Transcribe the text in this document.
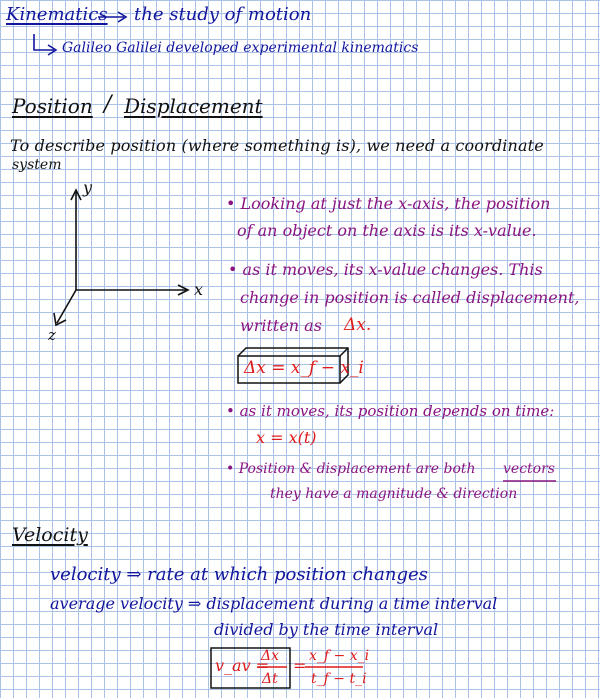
Kinematics the study of motion
Galileo Galilei developed experimental kinematics
Position / Displacement
To describe position (where something is), we need a coordinate
system
y
x
z
• Looking at just the x-axis, the position
of an object on the axis is its x-value.
• as it moves, its x-value changes. This
change in position is called displacement,
written as Δx.
Δx = x_f − x_i
• as it moves, its position depends on time:
x = x(t)
• Position & displacement are both vectors
they have a magnitude & direction
Velocity
velocity ⇒ rate at which position changes
average velocity ⇒ displacement during a time interval
divided by the time interval
v_av =
Δx
Δt
= x_f − x_i
t_f − t_i
